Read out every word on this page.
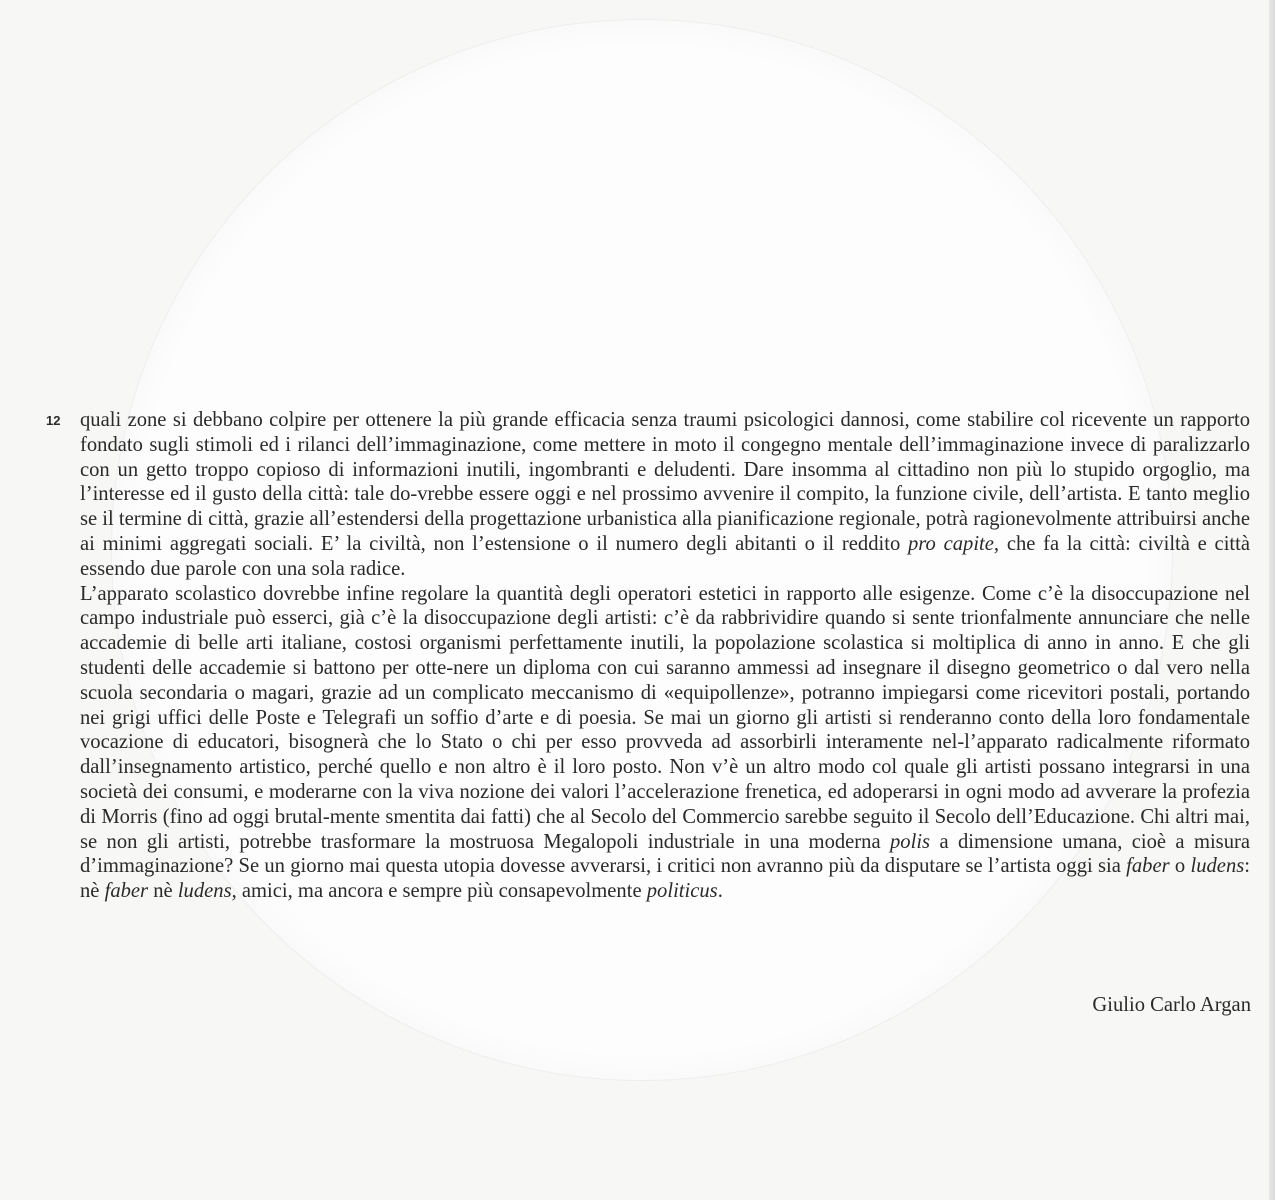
12 quali zone si debbano colpire per ottenere la più grande efficacia senza traumi psicologici dannosi, come stabilire col ricevente un rapporto fondato sugli stimoli ed i rilanci dell’immaginazione, come mettere in moto il congegno mentale dell’immaginazione invece di paralizzarlo con un getto troppo copioso di informazioni inutili, ingombranti e deludenti. Dare insomma al cittadino non più lo stupido orgoglio, ma l’interesse ed il gusto della città: tale do-vrebbe essere oggi e nel prossimo avvenire il compito, la funzione civile, dell’artista. E tanto meglio se il termine di città, grazie all’estendersi della progettazione urbanistica alla pianificazione regionale, potrà ragionevolmente attribuirsi anche ai minimi aggregati sociali. E’ la civiltà, non l’estensione o il numero degli abitanti o il reddito pro capite, che fa la città: civiltà e città essendo due parole con una sola radice.

L’apparato scolastico dovrebbe infine regolare la quantità degli operatori estetici in rapporto alle esigenze. Come c’è la disoccupazione nel campo industriale può esserci, già c’è la disoccupazione degli artisti: c’è da rabbrividire quando si sente trionfalmente annunciare che nelle accademie di belle arti italiane, costosi organismi perfettamente inutili, la popolazione scolastica si moltiplica di anno in anno. E che gli studenti delle accademie si battono per otte-nere un diploma con cui saranno ammessi ad insegnare il disegno geometrico o dal vero nella scuola secondaria o magari, grazie ad un complicato meccanismo di «equipollenze», potranno impiegarsi come ricevitori postali, portando nei grigi uffici delle Poste e Telegrafi un soffio d’arte e di poesia. Se mai un giorno gli artisti si renderanno conto della loro fondamentale vocazione di educatori, bisognerà che lo Stato o chi per esso provveda ad assorbirli interamente nel-l’apparato radicalmente riformato dall’insegnamento artistico, perché quello e non altro è il loro posto. Non v’è un altro modo col quale gli artisti possano integrarsi in una società dei consumi, e moderarne con la viva nozione dei valori l’accelerazione frenetica, ed adoperarsi in ogni modo ad avverare la profezia di Morris (fino ad oggi brutal-mente smentita dai fatti) che al Secolo del Commercio sarebbe seguito il Secolo dell’Educazione. Chi altri mai, se non gli artisti, potrebbe trasformare la mostruosa Megalopoli industriale in una moderna polis a dimensione umana, cioè a misura d’immaginazione? Se un giorno mai questa utopia dovesse avverarsi, i critici non avranno più da disputare se l’artista oggi sia faber o ludens: nè faber nè ludens, amici, ma ancora e sempre più consapevolmente politicus.

Giulio Carlo Argan
